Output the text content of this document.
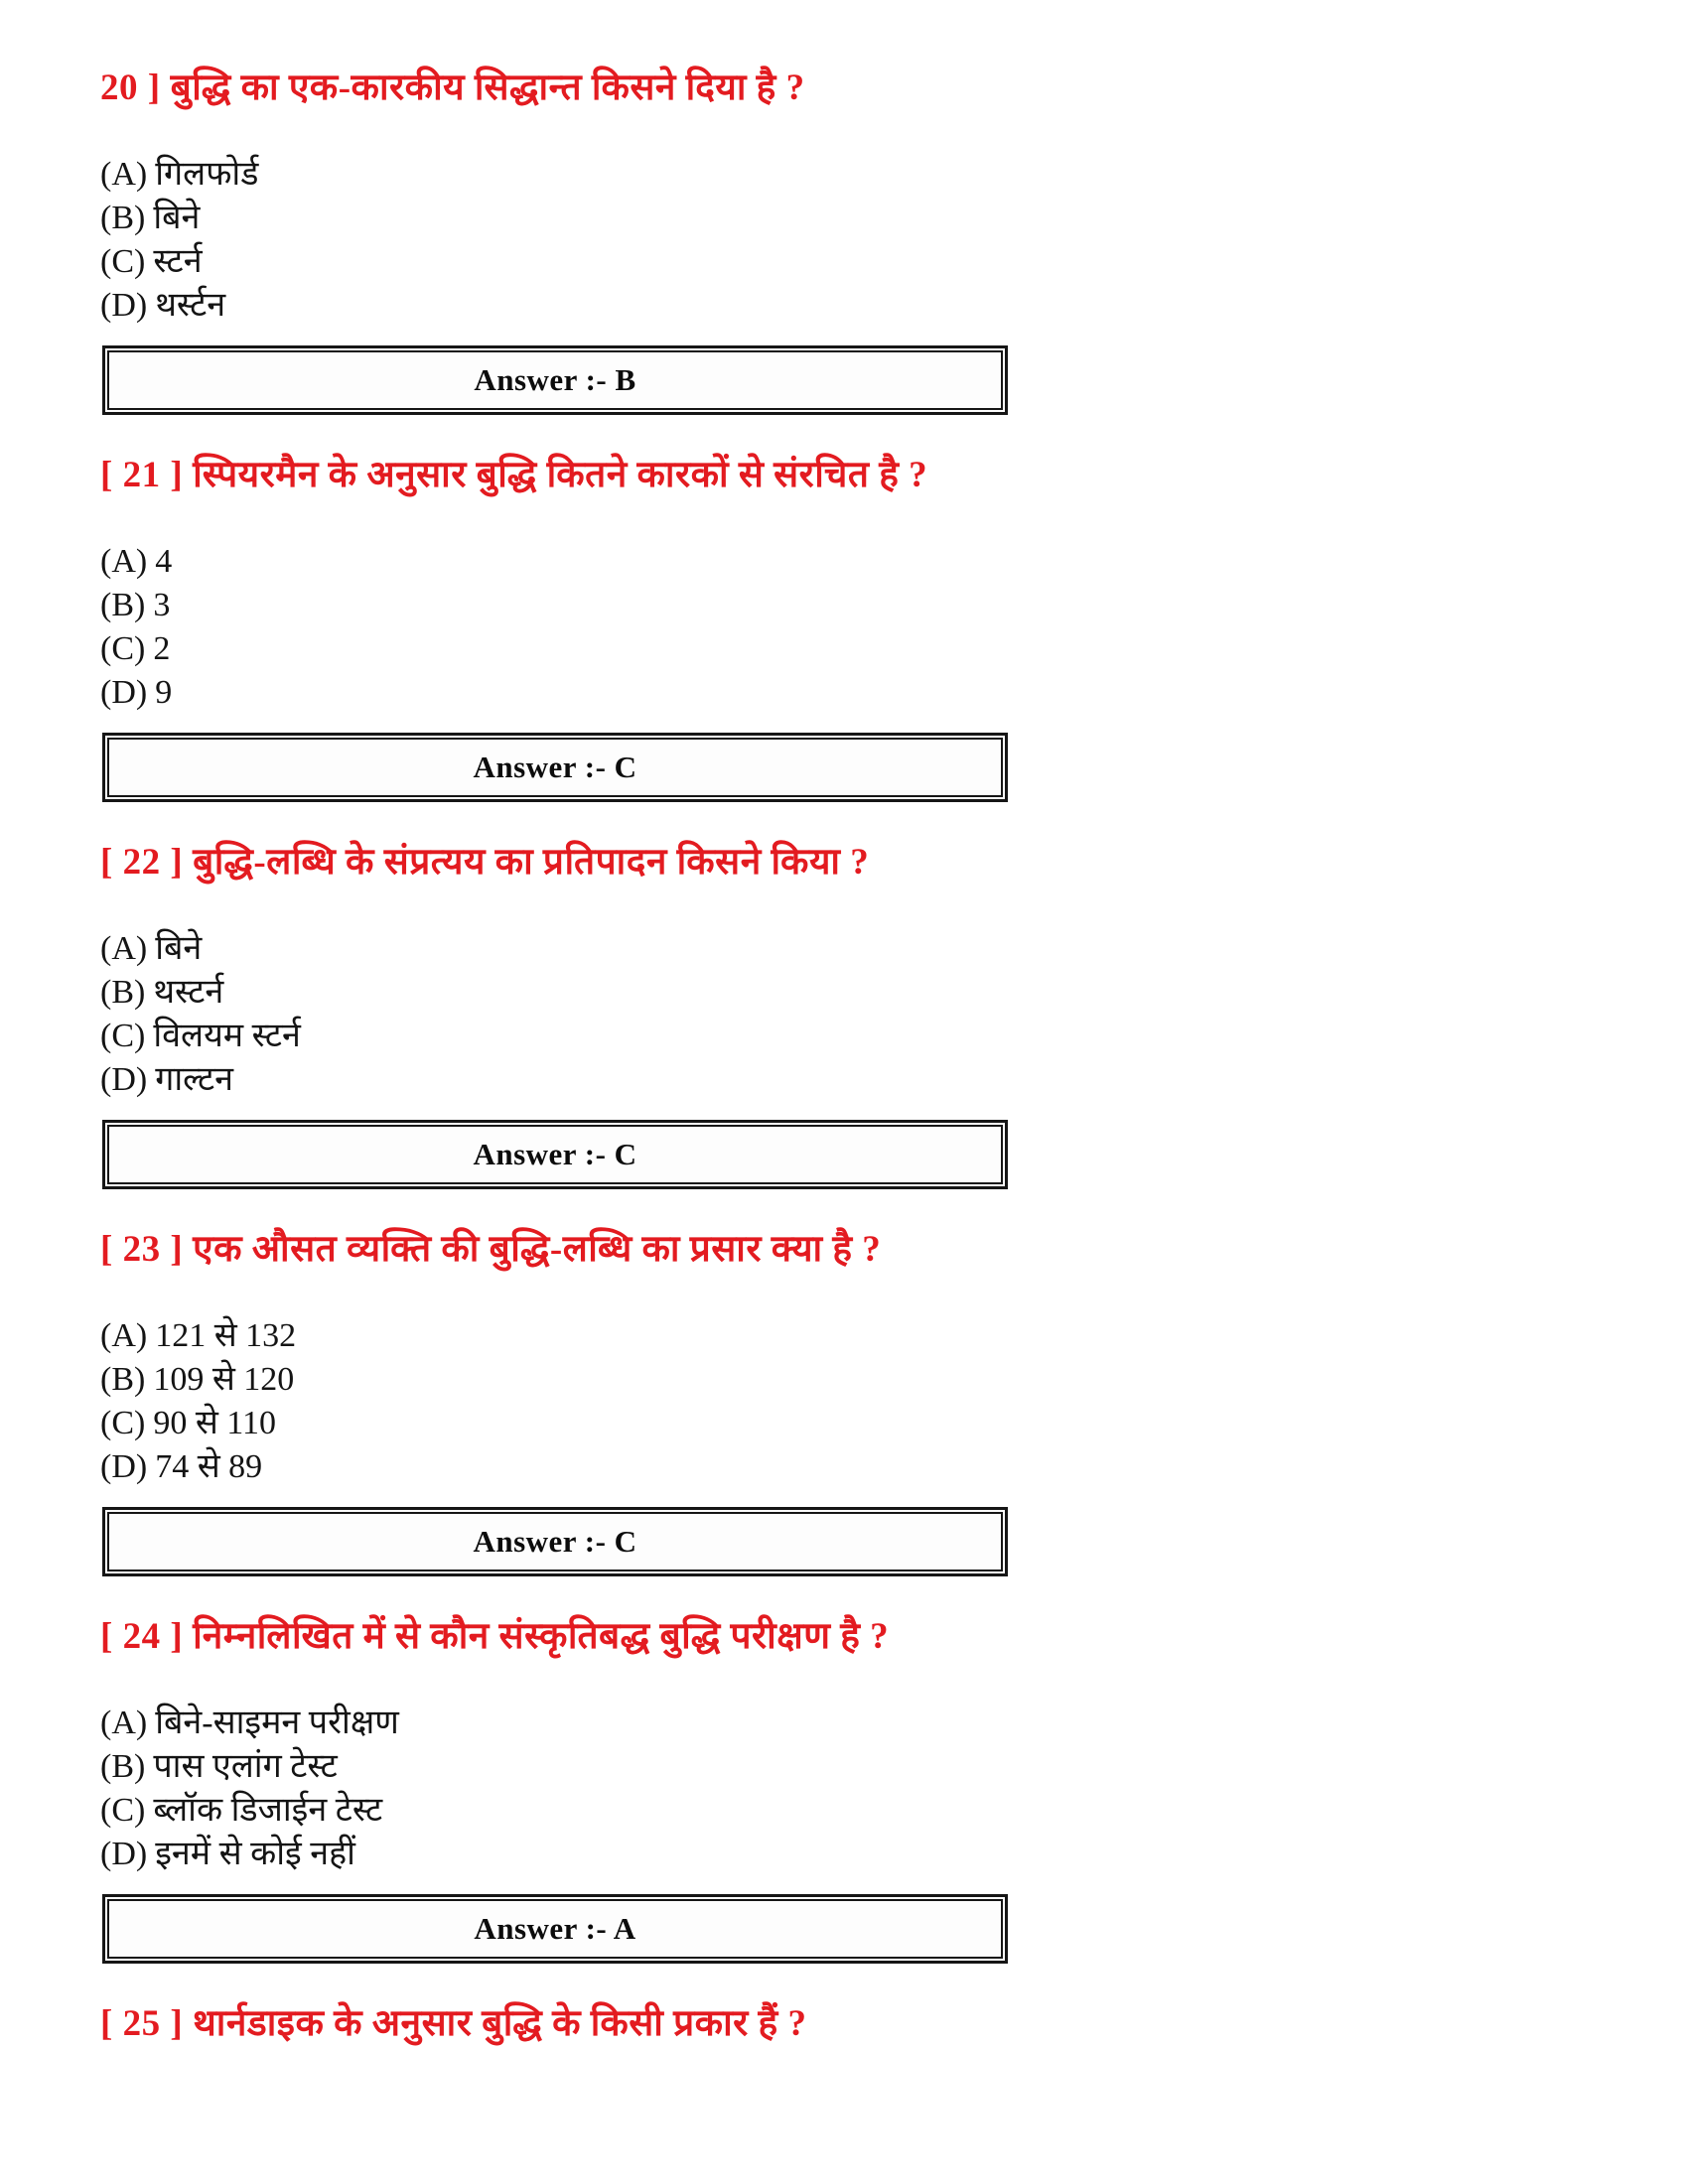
20 ] बुद्धि का एक-कारकीय सिद्धान्त किसने दिया है ?

(A) गिलफोर्ड

(B) बिने

(C) स्टर्न

(D) थर्स्टन

Answer :- B
[ 21 ] स्पियरमैन के अनुसार बुद्धि कितने कारकों से संरचित है ?

(A) 4

(B) 3

(C) 2

(D) 9

Answer :- C
[ 22 ] बुद्धि-लब्धि के संप्रत्यय का प्रतिपादन किसने किया ?

(A) बिने

(B) थस्टर्न

(C) विलयम स्टर्न

(D) गाल्टन

Answer :- C
[ 23 ] एक औसत व्यक्ति की बुद्धि-लब्धि का प्रसार क्या है ?

(A) 121 से 132

(B) 109 से 120

(C) 90 से 110

(D) 74 से 89

Answer :- C
[ 24 ] निम्नलिखित में से कौन संस्कृतिबद्ध बुद्धि परीक्षण है ?

(A) बिने-साइमन परीक्षण

(B) पास एलांग टेस्ट

(C) ब्लॉक डिजाईन टेस्ट

(D) इनमें से कोई नहीं

Answer :- A
[ 25 ] थार्नडाइक के अनुसार बुद्धि के किसी प्रकार हैं ?
